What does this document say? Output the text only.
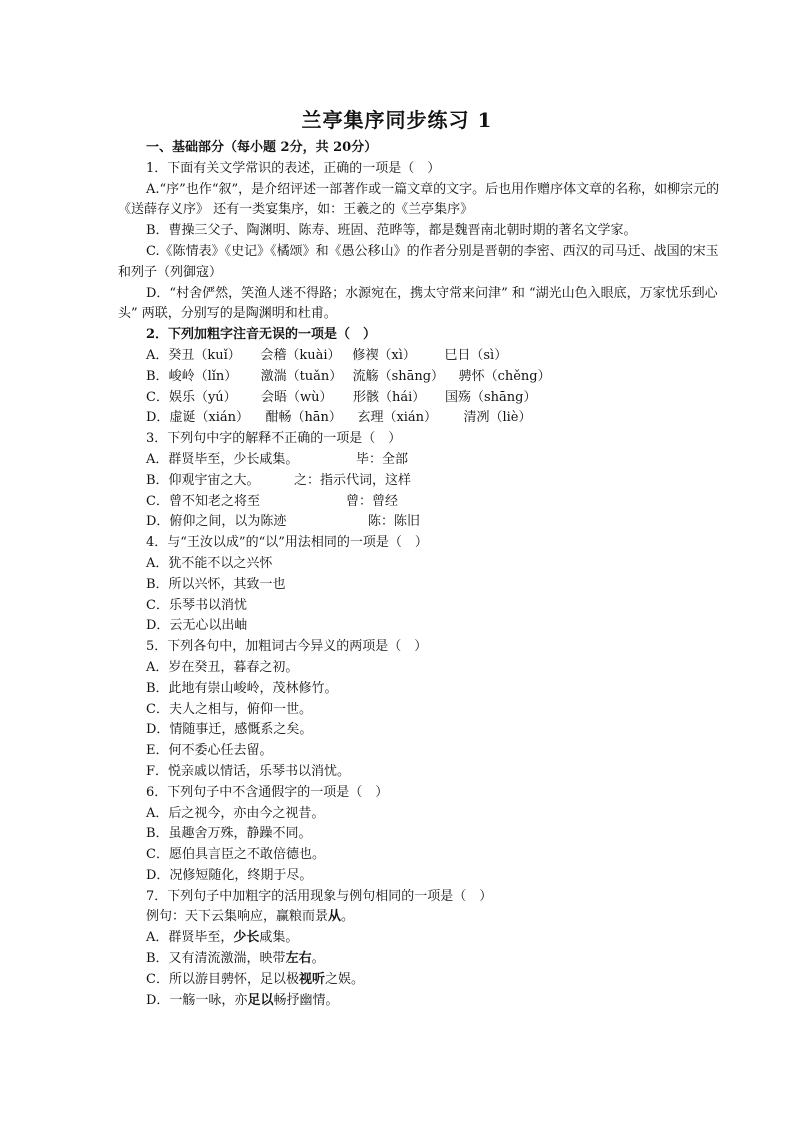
兰亭集序同步练习 1
一、基础部分（每小题 2分，共 20分）
1．下面有关文学常识的表述，正确的一项是（　）
A.“序”也作“叙”，是介绍评述一部著作或一篇文章的文字。后也用作赠序体文章的名称，如柳宗元的《送薛存义序》 还有一类宴集序，如：王羲之的《兰亭集序》
B．曹操三父子、陶渊明、陈寿、班固、范晔等，都是魏晋南北朝时期的著名文学家。
C.《陈情表》《史记》《橘颂》和《愚公移山》的作者分别是晋朝的李密、西汉的司马迁、战国的宋玉和列子（列御寇）
D．“村舍俨然，笑渔人迷不得路；水源宛在，携太守常来问津” 和 “湖光山色入眼底，万家忧乐到心头” 两联，分别写的是陶渊明和杜甫。
2．下列加粗字注音无误的一项是（　）
A．癸丑（kuǐ） 会稽（kuài） 修禊（xì） 巳日（sì）
B．峻岭（lǐn） 激湍（tuǎn） 流觞（shāng） 骋怀（chěng）
C．娱乐（yú） 会晤（wù） 形骸（hái） 国殇（shāng）
D．虚诞（xián） 酣畅（hān） 玄理（xián） 清冽（liè）
3．下列句中字的解释不正确的一项是（　）
A．群贤毕至，少长咸集。	毕：全部
B．仰观宇宙之大。	之：指示代词，这样
C．曾不知老之将至	曾：曾经
D．俯仰之间，以为陈迹	陈：陈旧
4．与“王汝以成”的“以”用法相同的一项是（　）
A．犹不能不以之兴怀
B．所以兴怀，其致一也
C．乐琴书以消忧
D．云无心以出岫
5．下列各句中，加粗词古今异义的两项是（　）
A．岁在癸丑，暮春之初。
B．此地有崇山峻岭，茂林修竹。
C．夫人之相与，俯仰一世。
D．情随事迁，感慨系之矣。
E．何不委心任去留。
F．悦亲戚以情话，乐琴书以消忧。
6．下列句子中不含通假字的一项是（　）
A．后之视今，亦由今之视昔。
B．虽趣舍万殊，静躁不同。
C．愿伯具言臣之不敢倍德也。
D．况修短随化，终期于尽。
7．下列句子中加粗字的活用现象与例句相同的一项是（　）
例句：天下云集响应，赢粮而景从。
A．群贤毕至，少长咸集。
B．又有清流激湍，映带左右。
C．所以游目骋怀，足以极视听之娱。
D．一觞一咏，亦足以畅抒幽情。
